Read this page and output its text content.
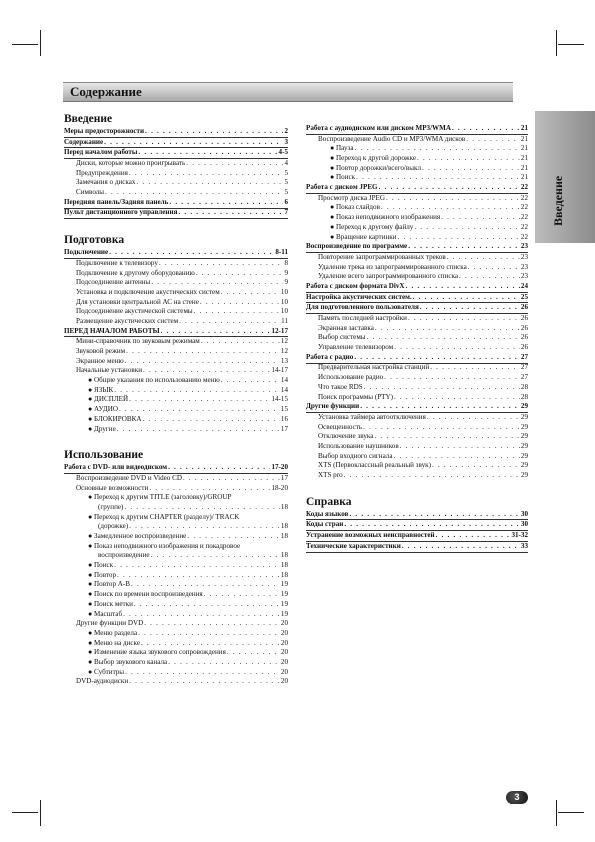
Содержание
Введение
Введение
Меры предосторожности . . .	2
Содержание . . .	3
Перед началом работы . . .	4-5
Диски, которые можно проигрывать . . .	4
Предупреждения . . .	5
Замечания о дисках . . .	5
Символы . . .	5
Передняя панель/Задняя панель . . .	6
Пульт дистанционного управления . . .	7
Подготовка
Подключение . . .	8-11
Подключение к телевизору . . .	8
Подключение к другому оборудованию . . .	9
Подсоединение антенны . . .	9
Установка и подключение акустических систем . . .	10
Для установки центральной АС на стене . . .	10
Подсоединение акустической системы . . .	10
Размещение акустических систем . . .	11
ПЕРЕД НАЧАЛОМ РАБОТЫ . . .	12-17
Мини-справочник по звуковым режимам . . .	12
Звуковой режим . . .	12
Экранное меню . . .	13
Начальные установки . . .	14-17
● Общие указания по использованию меню . . .	14
● ЯЗЫК . . .	14
● ДИСПЛЕЙ . . .	14-15
● АУДИО . . .	15
● БЛОКИРОВКА . . .	16
● Другие . . .	17
Использование
Работа с DVD- или видеодиском . . .	17-20
Воспроизведение DVD и Video CD . . .	17
Основные возможности . . .	18-20
● Переход к другим TITLE (заголовку)/GROUP
(группе) . . .	18
● Переход к другим CHAPTER (разделу)/ TRACK
(дорожке) . . .	18
● Замедленное воспроизведение . . .	18
● Показ неподвижного изображения и покадровое
воспроизведение . . .	18
● Поиск . . .	18
● Повтор . . .	18
● Повтор A-B . . .	19
● Поиск по времени воспроизведения . . .	19
● Поиск метки . . .	19
● Масштаб . . .	19
Другие функции DVD . . .	20
● Меню раздела . . .	20
● Меню на диске . . .	20
● Изменение языка звукового сопровождения . . .	20
● Выбор звукового канала . . .	20
● Субтитры . . .	20
DVD-аудиодиски . . .	20
Работа с аудиодиском или диском MP3/WMA . . .	21
Воспроизведение Audio CD и MP3/WMA дисков . . .	21
● Пауза . . .	21
● Переход к другой дорожке . . .	21
● Повтор дорожки/всего/выкл . . .	21
● Поиск . . .	21
Работа с диском JPEG . . .	22
Просмотр диска JPEG . . .	22
● Показ слайдов . . .	22
● Показ неподвижного изображения . . .	22
● Переход к другому файлу . . .	22
● Вращение картинки . . .	22
Воспроизведение по программе . . .	23
Повторение запрограммированных треков . . .	23
Удаление трека из запрограммированного списка . . .	23
Удаление всего запрограммированного списка . . .	23
Работа с диском формата DivX . . .	24
Настройка акустических систем. . . .	25
Для подготовленного пользователя . . .	26
Память последней настройки . . .	26
Экранная заставка . . .	26
Выбор системы . . .	26
Управление телевизором . . .	26
Работа с радио . . .	27
Предварительная настройка станций . . .	27
Использование радио . . .	27
Что такое RDS . . .	28
Поиск программы (PTY) . . .	28
Другие функции . . .	29
Установка таймера автоотключения . . .	29
Освещенность . . .	29
Отключение звука . . .	29
Использование наушников . . .	29
Выбор входного сигнала . . .	29
XTS (Первоклассный реальный звук) . . .	29
XTS pro . . .	29
Справка
Коды языков . . .	30
Коды стран . . .	30
Устранение возможных неисправностей . . .	31-32
Технические характеристики . . .	33
3
